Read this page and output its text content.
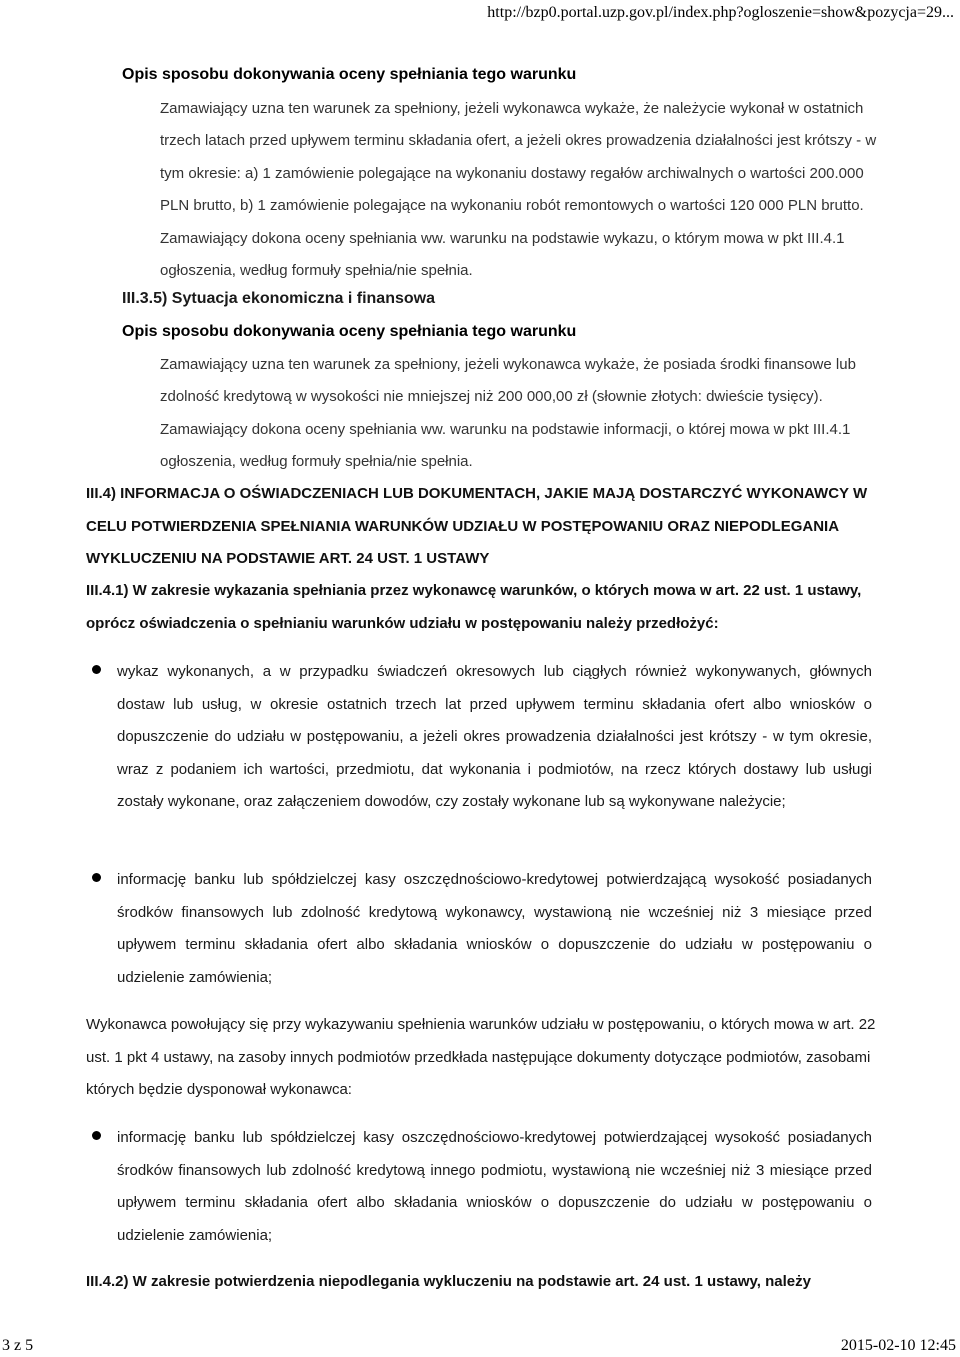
http://bzp0.portal.uzp.gov.pl/index.php?ogloszenie=show&pozycja=29...
Opis sposobu dokonywania oceny spełniania tego warunku
Zamawiający uzna ten warunek za spełniony, jeżeli wykonawca wykaże, że należycie wykonał w ostatnich trzech latach przed upływem terminu składania ofert, a jeżeli okres prowadzenia działalności jest krótszy - w tym okresie: a) 1 zamówienie polegające na wykonaniu dostawy regałów archiwalnych o wartości 200.000 PLN brutto, b) 1 zamówienie polegające na wykonaniu robót remontowych o wartości 120 000 PLN brutto. Zamawiający dokona oceny spełniania ww. warunku na podstawie wykazu, o którym mowa w pkt III.4.1 ogłoszenia, według formuły spełnia/nie spełnia.
III.3.5) Sytuacja ekonomiczna i finansowa
Opis sposobu dokonywania oceny spełniania tego warunku
Zamawiający uzna ten warunek za spełniony, jeżeli wykonawca wykaże, że posiada środki finansowe lub zdolność kredytową w wysokości nie mniejszej niż 200 000,00 zł (słownie złotych: dwieście tysięcy). Zamawiający dokona oceny spełniania ww. warunku na podstawie informacji, o której mowa w pkt III.4.1 ogłoszenia, według formuły spełnia/nie spełnia.
III.4) INFORMACJA O OŚWIADCZENIACH LUB DOKUMENTACH, JAKIE MAJĄ DOSTARCZYĆ WYKONAWCY W CELU POTWIERDZENIA SPEŁNIANIA WARUNKÓW UDZIAŁU W POSTĘPOWANIU ORAZ NIEPODLEGANIA WYKLUCZENIU NA PODSTAWIE ART. 24 UST. 1 USTAWY
III.4.1) W zakresie wykazania spełniania przez wykonawcę warunków, o których mowa w art. 22 ust. 1 ustawy, oprócz oświadczenia o spełnianiu warunków udziału w postępowaniu należy przedłożyć:
wykaz wykonanych, a w przypadku świadczeń okresowych lub ciągłych również wykonywanych, głównych dostaw lub usług, w okresie ostatnich trzech lat przed upływem terminu składania ofert albo wniosków o dopuszczenie do udziału w postępowaniu, a jeżeli okres prowadzenia działalności jest krótszy - w tym okresie, wraz z podaniem ich wartości, przedmiotu, dat wykonania i podmiotów, na rzecz których dostawy lub usługi zostały wykonane, oraz załączeniem dowodów, czy zostały wykonane lub są wykonywane należycie;
informację banku lub spółdzielczej kasy oszczędnościowo-kredytowej potwierdzającą wysokość posiadanych środków finansowych lub zdolność kredytową wykonawcy, wystawioną nie wcześniej niż 3 miesiące przed upływem terminu składania ofert albo składania wniosków o dopuszczenie do udziału w postępowaniu o udzielenie zamówienia;
Wykonawca powołujący się przy wykazywaniu spełnienia warunków udziału w postępowaniu, o których mowa w art. 22 ust. 1 pkt 4 ustawy, na zasoby innych podmiotów przedkłada następujące dokumenty dotyczące podmiotów, zasobami których będzie dysponował wykonawca:
informację banku lub spółdzielczej kasy oszczędnościowo-kredytowej potwierdzającej wysokość posiadanych środków finansowych lub zdolność kredytową innego podmiotu, wystawioną nie wcześniej niż 3 miesiące przed upływem terminu składania ofert albo składania wniosków o dopuszczenie do udziału w postępowaniu o udzielenie zamówienia;
III.4.2) W zakresie potwierdzenia niepodlegania wykluczeniu na podstawie art. 24 ust. 1 ustawy, należy
3 z 5	2015-02-10 12:45
